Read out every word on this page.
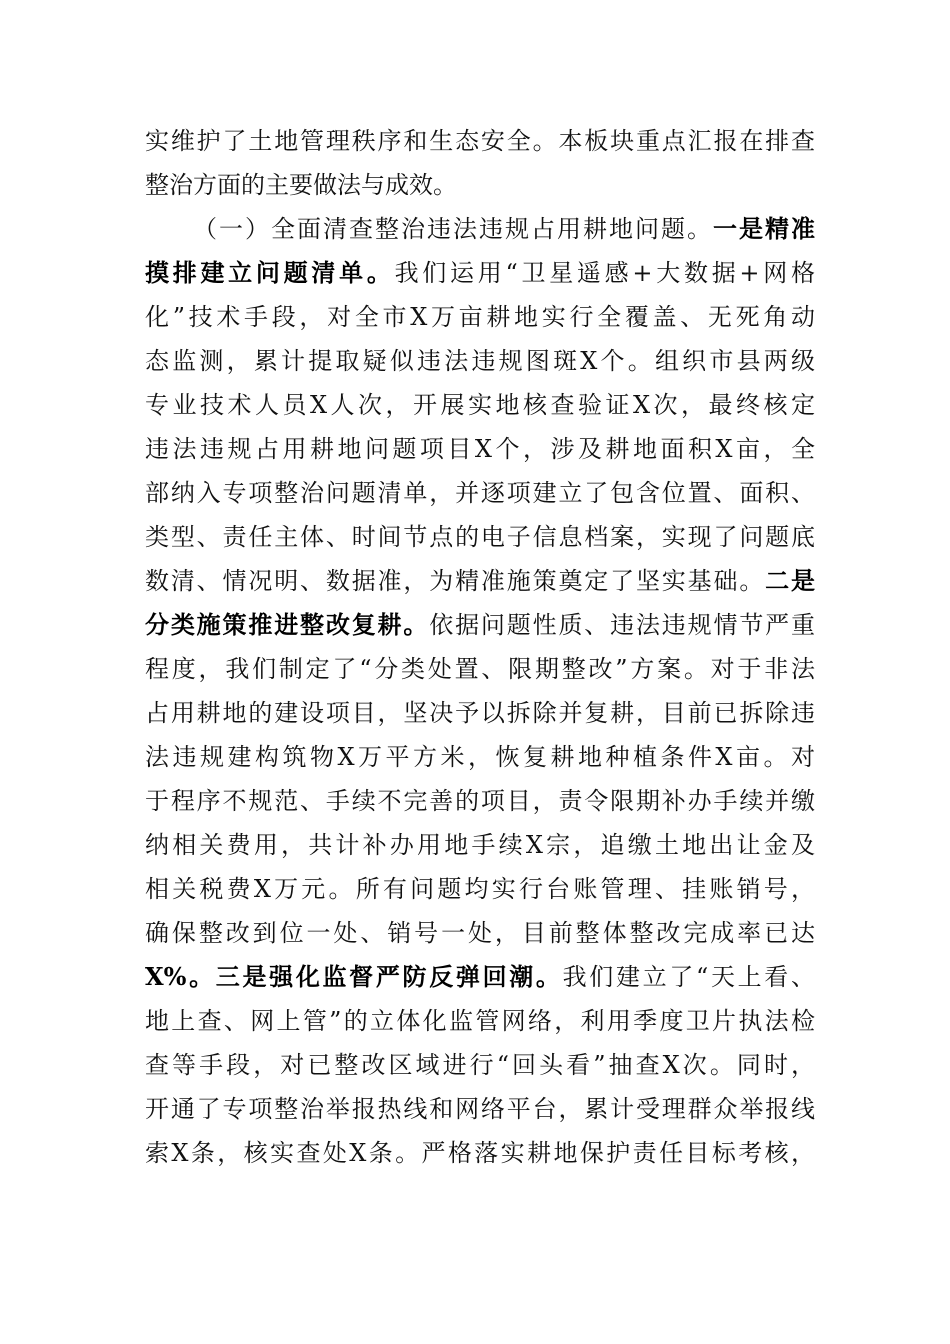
实维护了土地管理秩序和生态安全。本板块重点汇报在排查
整治方面的主要做法与成效。
（一）全面清查整治违法违规占用耕地问题。一是精准
摸排建立问题清单。我们运用“卫星遥感+大数据+网格
化”技术手段，对全市X万亩耕地实行全覆盖、无死角动
态监测，累计提取疑似违法违规图斑X个。组织市县两级
专业技术人员X人次，开展实地核查验证X次，最终核定
违法违规占用耕地问题项目X个，涉及耕地面积X亩，全
部纳入专项整治问题清单，并逐项建立了包含位置、面积、
类型、责任主体、时间节点的电子信息档案，实现了问题底
数清、情况明、数据准，为精准施策奠定了坚实基础。二是
分类施策推进整改复耕。依据问题性质、违法违规情节严重
程度，我们制定了“分类处置、限期整改”方案。对于非法
占用耕地的建设项目，坚决予以拆除并复耕，目前已拆除违
法违规建构筑物X万平方米，恢复耕地种植条件X亩。对
于程序不规范、手续不完善的项目，责令限期补办手续并缴
纳相关费用，共计补办用地手续X宗，追缴土地出让金及
相关税费X万元。所有问题均实行台账管理、挂账销号，
确保整改到位一处、销号一处，目前整体整改完成率已达
X%。三是强化监督严防反弹回潮。我们建立了“天上看、
地上查、网上管”的立体化监管网络，利用季度卫片执法检
查等手段，对已整改区域进行“回头看”抽查X次。同时，
开通了专项整治举报热线和网络平台，累计受理群众举报线
索X条，核实查处X条。严格落实耕地保护责任目标考核，
